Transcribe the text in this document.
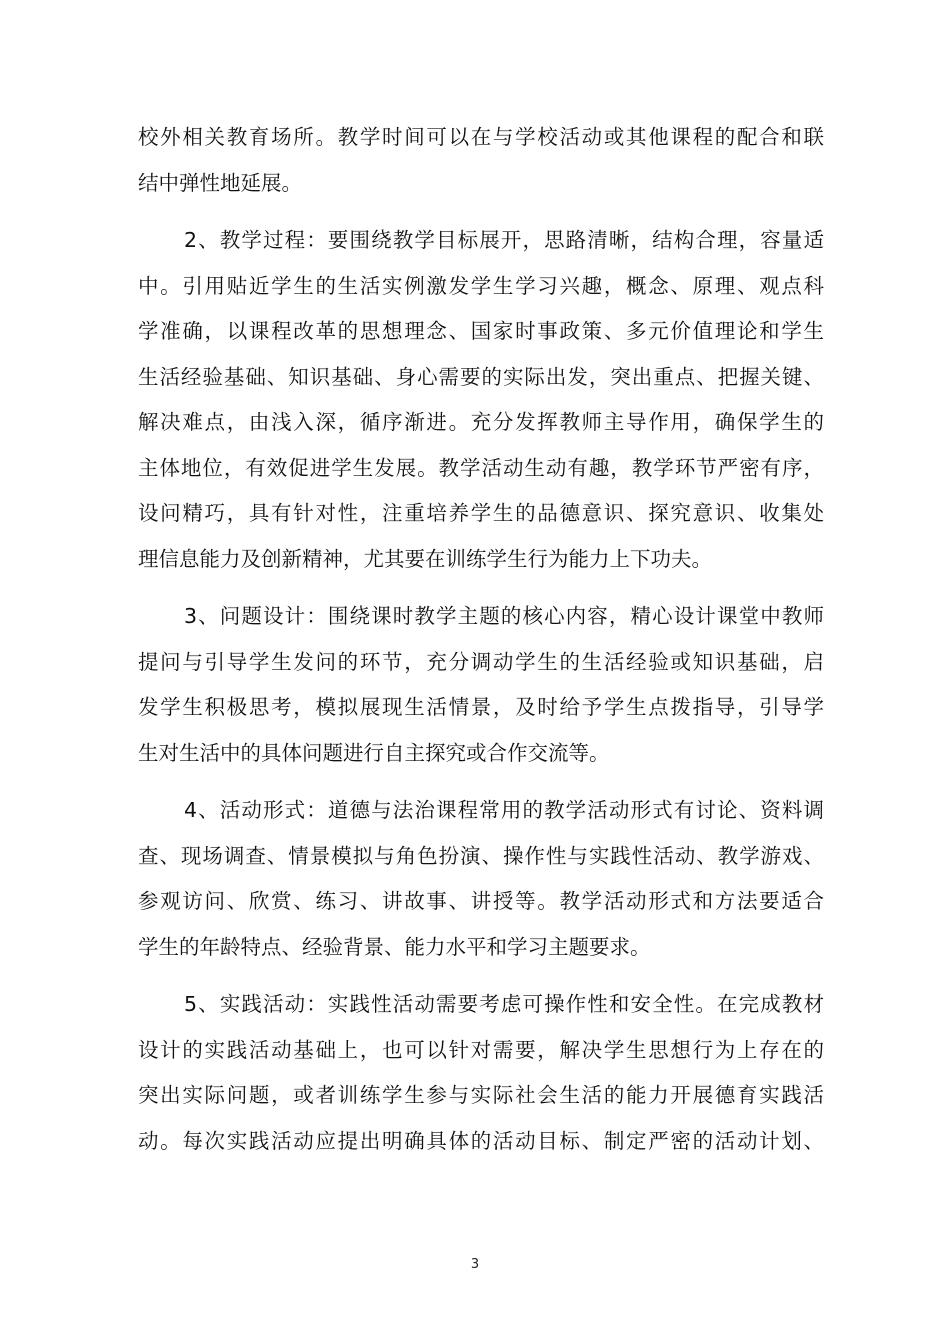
校外相关教育场所。教学时间可以在与学校活动或其他课程的配合和联
结中弹性地延展。
2、教学过程：要围绕教学目标展开，思路清晰，结构合理，容量适
中。引用贴近学生的生活实例激发学生学习兴趣，概念、原理、观点科
学准确，以课程改革的思想理念、国家时事政策、多元价值理论和学生
生活经验基础、知识基础、身心需要的实际出发，突出重点、把握关键、
解决难点，由浅入深，循序渐进。充分发挥教师主导作用，确保学生的
主体地位，有效促进学生发展。教学活动生动有趣，教学环节严密有序，
设问精巧，具有针对性，注重培养学生的品德意识、探究意识、收集处
理信息能力及创新精神，尤其要在训练学生行为能力上下功夫。
3、问题设计：围绕课时教学主题的核心内容，精心设计课堂中教师
提问与引导学生发问的环节，充分调动学生的生活经验或知识基础，启
发学生积极思考，模拟展现生活情景，及时给予学生点拨指导，引导学
生对生活中的具体问题进行自主探究或合作交流等。
4、活动形式：道德与法治课程常用的教学活动形式有讨论、资料调
查、现场调查、情景模拟与角色扮演、操作性与实践性活动、教学游戏、
参观访问、欣赏、练习、讲故事、讲授等。教学活动形式和方法要适合
学生的年龄特点、经验背景、能力水平和学习主题要求。
5、实践活动：实践性活动需要考虑可操作性和安全性。在完成教材
设计的实践活动基础上，也可以针对需要，解决学生思想行为上存在的
突出实际问题，或者训练学生参与实际社会生活的能力开展德育实践活
动。每次实践活动应提出明确具体的活动目标、制定严密的活动计划、
3
